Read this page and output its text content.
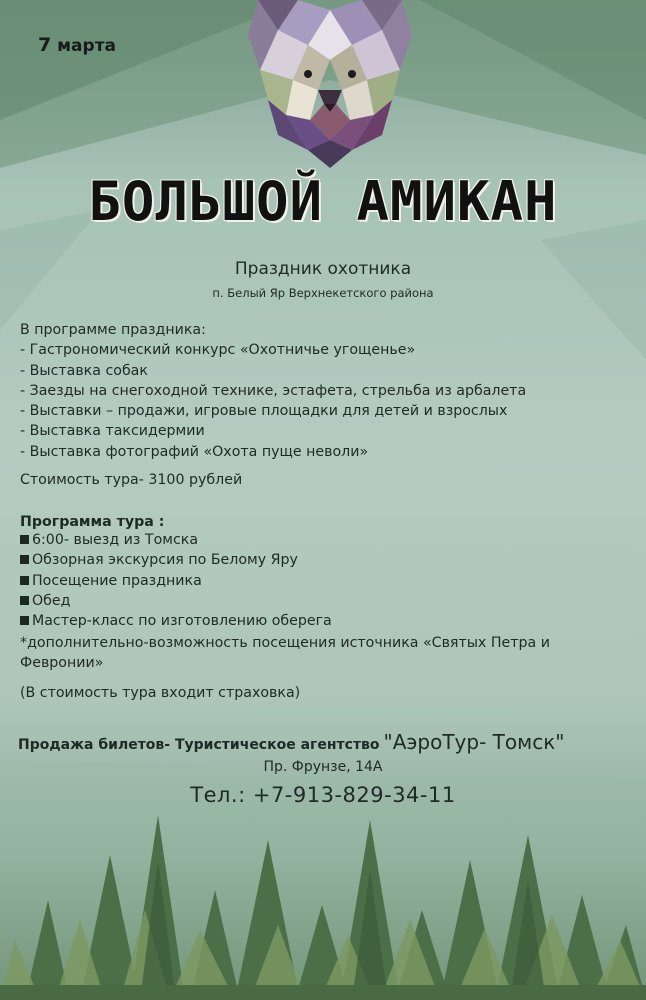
7 марта
БОЛЬШОЙ АМИКАН
Праздник охотника
п. Белый Яр Верхнекетского района
В программе праздника:
- Гастрономический конкурс «Охотничье угощенье»
- Выставка собак
- Заезды на снегоходной технике, эстафета, стрельба из арбалета
- Выставки – продажи, игровые площадки для детей и взрослых
- Выставка таксидермии
- Выставка фотографий «Охота пуще неволи»
Стоимость тура- 3100 рублей
Программа тура :
6:00- выезд из Томска
Обзорная экскурсия по Белому Яру
Посещение праздника
Обед
Мастер-класс по изготовлению оберега
*дополнительно-возможность посещения источника «Святых Петра и Февронии»
(В стоимость тура входит страховка)
Продажа билетов- Туристическое агентство "АэроТур- Томск"
Пр. Фрунзе, 14А
Тел.: +7-913-829-34-11
